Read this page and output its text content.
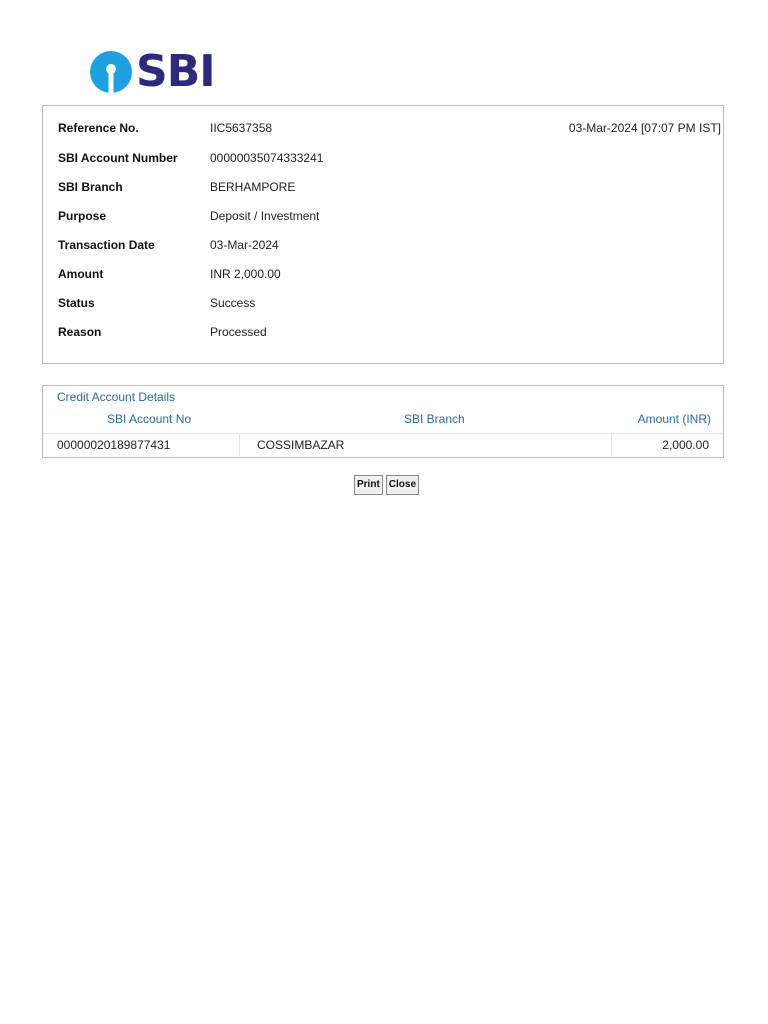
SBI
03-Mar-2024 [07:07 PM IST]
Reference No.	IIC5637358
SBI Account Number	00000035074333241
SBI Branch	BERHAMPORE
Purpose	Deposit / Investment
Transaction Date	03-Mar-2024
Amount	INR 2,000.00
Status	Success
Reason	Processed
Credit Account Details
SBI Account No	SBI Branch	Amount (INR)
00000020189877431	COSSIMBAZAR	2,000.00
Print Close
